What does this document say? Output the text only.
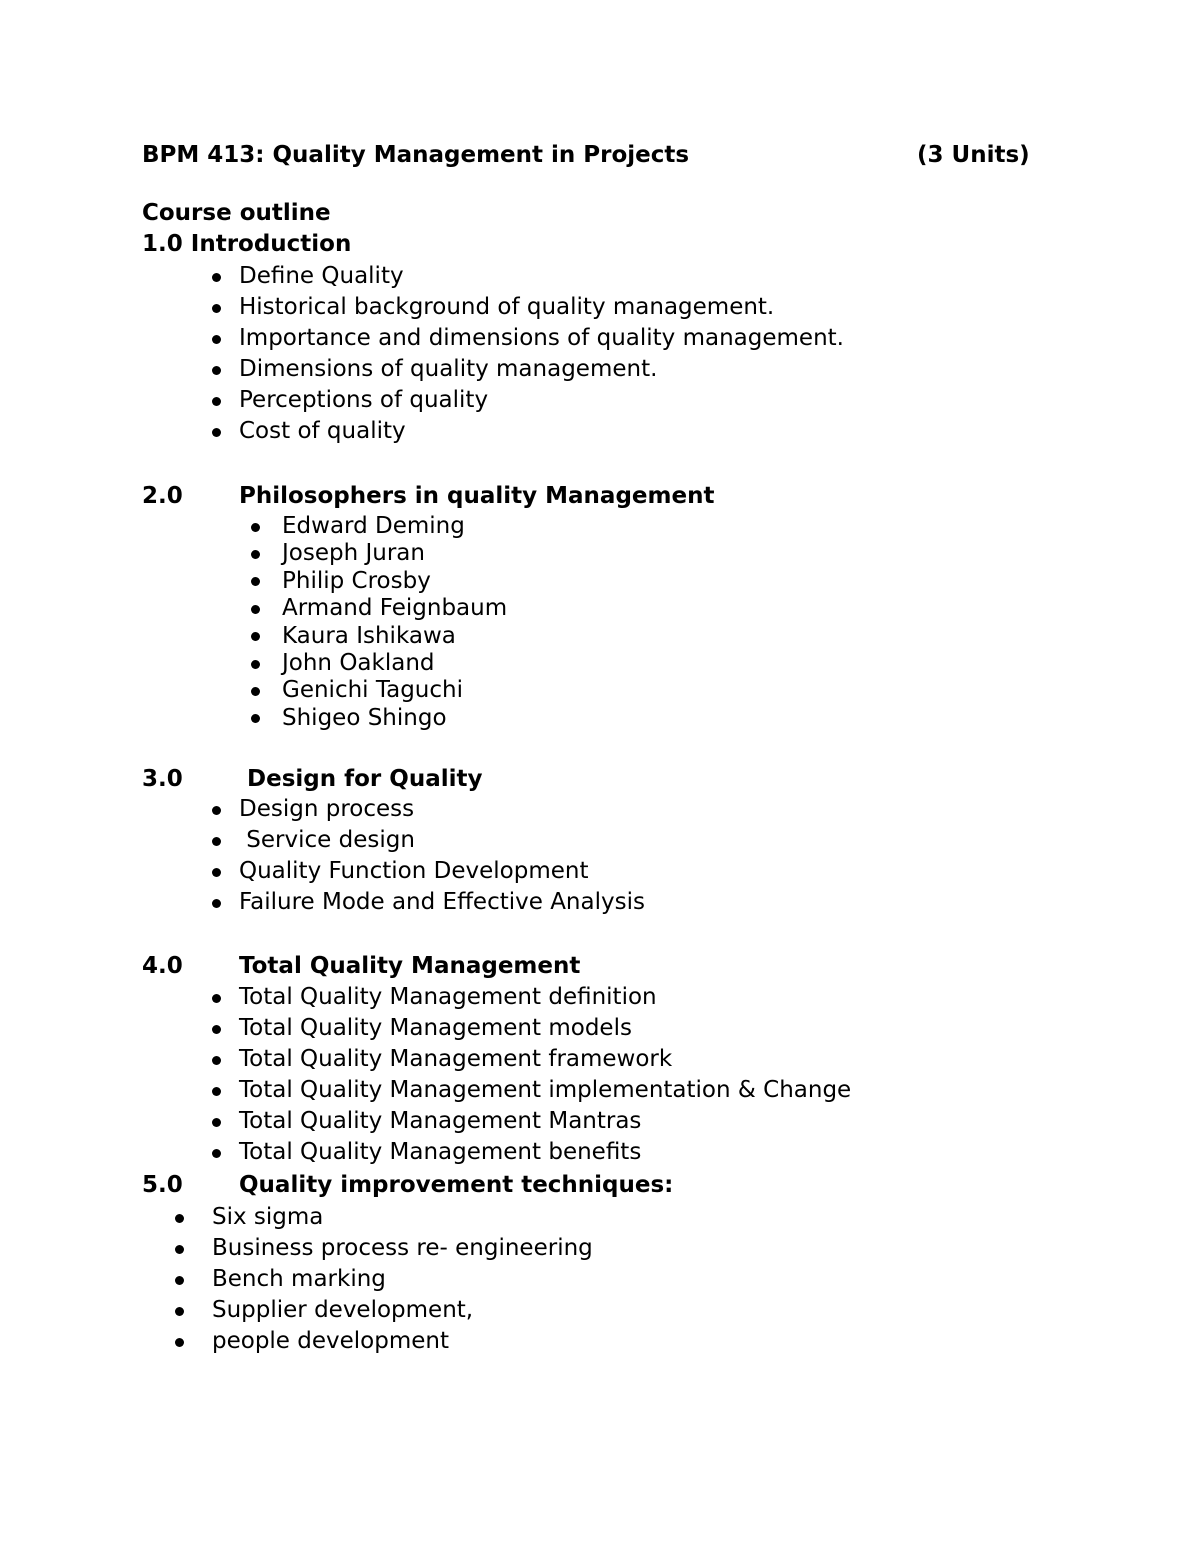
BPM 413: Quality Management in Projects	(3 Units)
Course outline
1.0 Introduction
Define Quality
Historical background of quality management.
Importance and dimensions of quality management.
Dimensions of quality management.
Perceptions of quality
Cost of quality
2.0 Philosophers in quality Management
Edward Deming
Joseph Juran
Philip Crosby
Armand Feignbaum
Kaura Ishikawa
John Oakland
Genichi Taguchi
Shigeo Shingo
3.0	Design for Quality
Design process
Service design
Quality Function Development
Failure Mode and Effective Analysis
4.0 Total Quality Management
Total Quality Management definition
Total Quality Management models
Total Quality Management framework
Total Quality Management implementation & Change
Total Quality Management Mantras
Total Quality Management benefits
5.0 Quality improvement techniques:
Six sigma
Business process re- engineering
Bench marking
Supplier development,
people development
